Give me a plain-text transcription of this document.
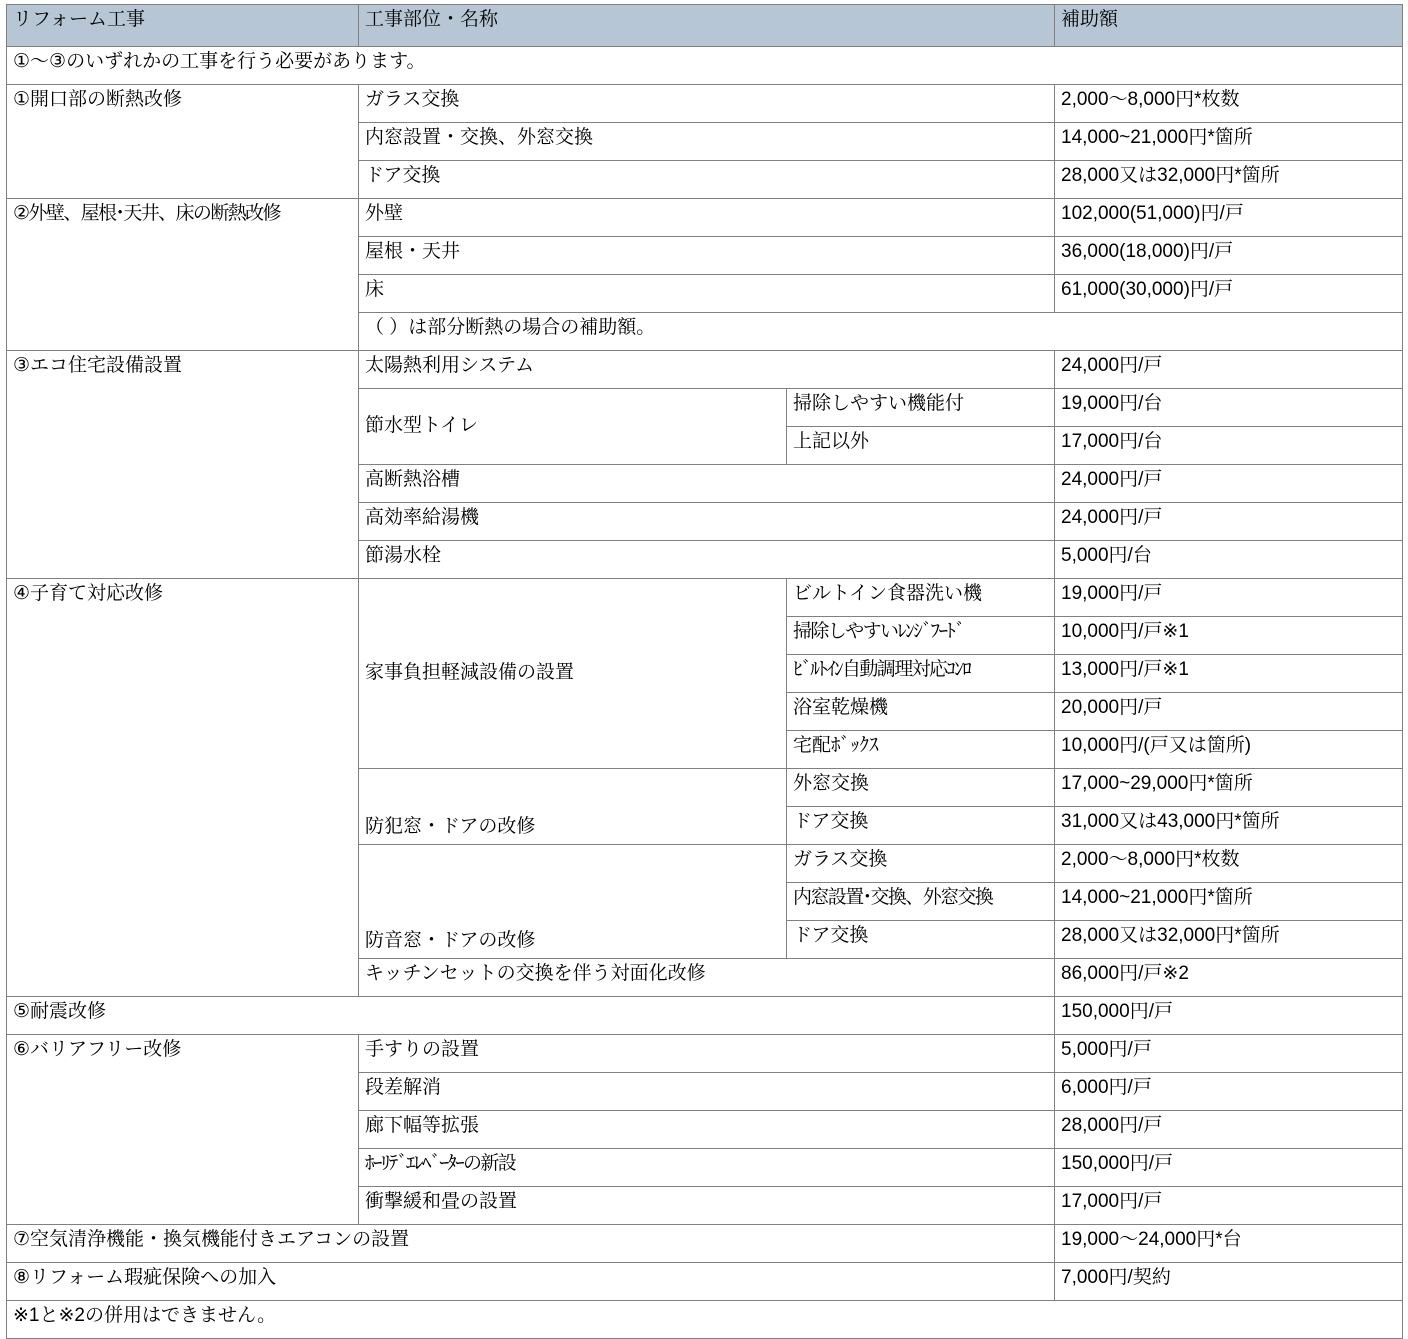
リフォーム工事	工事部位・名称		補助額
①～③のいずれかの工事を行う必要があります。			
①開口部の断熱改修	ガラス交換		2,000～8,000円*枚数
	内窓設置・交換、外窓交換		14,000~21,000円*箇所
	ドア交換		28,000又は32,000円*箇所
②外壁、屋根･天井、床の断熱改修	外壁		102,000(51,000)円/戸
	屋根・天井		36,000(18,000)円/戸
	床		61,000(30,000)円/戸
	（ ）は部分断熱の場合の補助額。		
③エコ住宅設備設置	太陽熱利用システム		24,000円/戸
	節水型トイレ	掃除しやすい機能付	19,000円/台
		上記以外	17,000円/台
	高断熱浴槽		24,000円/戸
	高効率給湯機		24,000円/戸
	節湯水栓		5,000円/台
④子育て対応改修	家事負担軽減設備の設置	ビルトイン食器洗い機	19,000円/戸
		掃除しやすいﾚﾝｼﾞﾌｰﾄﾞ	10,000円/戸※1
		ﾋﾞﾙﾄｲﾝ自動調理対応ｺﾝﾛ	13,000円/戸※1
		浴室乾燥機	20,000円/戸
		宅配ﾎﾞｯｸｽ	10,000円/(戸又は箇所)
	防犯窓・ドアの改修	外窓交換	17,000~29,000円*箇所
		ドア交換	31,000又は43,000円*箇所
	防音窓・ドアの改修	ガラス交換	2,000～8,000円*枚数
		内窓設置･交換、外窓交換	14,000~21,000円*箇所
		ドア交換	28,000又は32,000円*箇所
	キッチンセットの交換を伴う対面化改修		86,000円/戸※2
⑤耐震改修			150,000円/戸
⑥バリアフリー改修	手すりの設置		5,000円/戸
	段差解消		6,000円/戸
	廊下幅等拡張		28,000円/戸
	ﾎｰﾘﾃﾞｴﾚﾍﾞｰﾀｰの新設		150,000円/戸
	衝撃緩和畳の設置		17,000円/戸
⑦空気清浄機能・換気機能付きエアコンの設置			19,000～24,000円*台
⑧リフォーム瑕疵保険への加入			7,000円/契約
※1と※2の併用はできません。			
